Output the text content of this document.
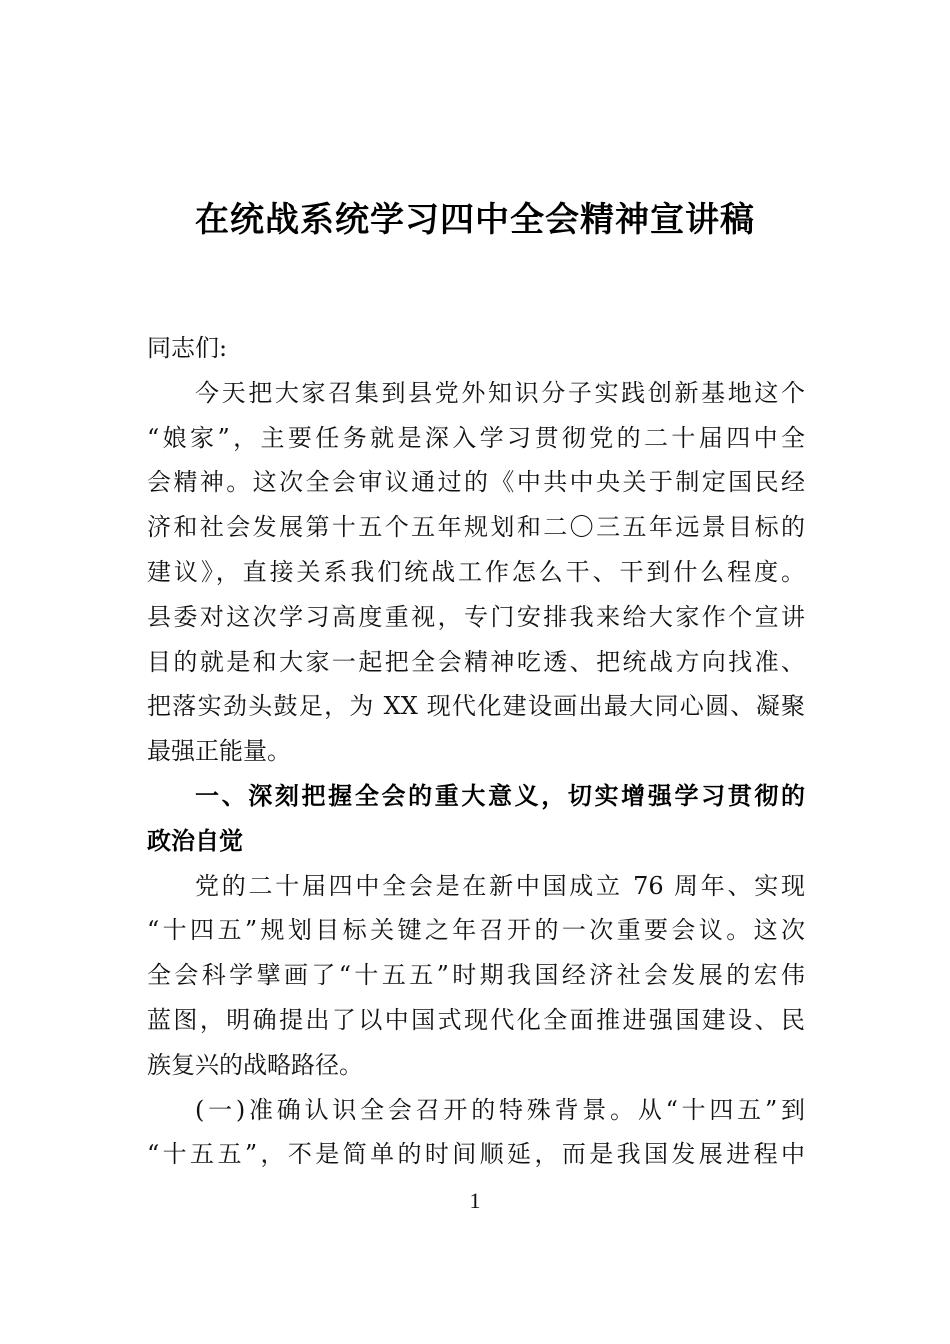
在统战系统学习四中全会精神宣讲稿
同志们:
今天把大家召集到县党外知识分子实践创新基地这个
“娘家”，主要任务就是深入学习贯彻党的二十届四中全
会精神。这次全会审议通过的《中共中央关于制定国民经
济和社会发展第十五个五年规划和二〇三五年远景目标的
建议》，直接关系我们统战工作怎么干、干到什么程度。
县委对这次学习高度重视，专门安排我来给大家作个宣讲
目的就是和大家一起把全会精神吃透、把统战方向找准、
把落实劲头鼓足，为 XX 现代化建设画出最大同心圆、凝聚
最强正能量。
一、深刻把握全会的重大意义，切实增强学习贯彻的
政治自觉
党的二十届四中全会是在新中国成立 76 周年、实现
“十四五”规划目标关键之年召开的一次重要会议。这次
全会科学擘画了“十五五”时期我国经济社会发展的宏伟
蓝图，明确提出了以中国式现代化全面推进强国建设、民
族复兴的战略路径。
(一)准确认识全会召开的特殊背景。从“十四五”到
“十五五”，不是简单的时间顺延，而是我国发展进程中
1
